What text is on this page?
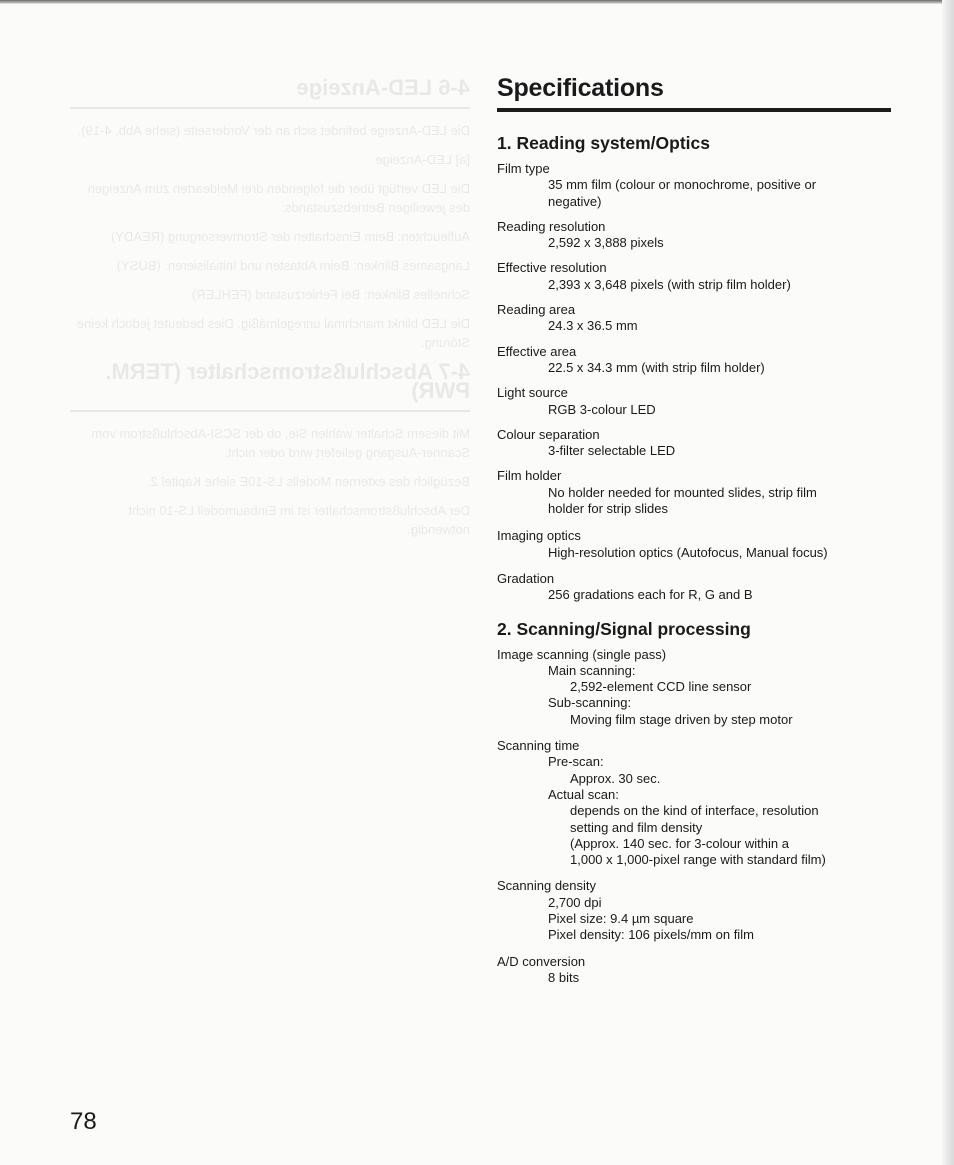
4-6 LED-Anzeige

Die LED-Anzeige befindet sich an der Vorderseite (siehe Abb. 4-19).

[a] LED-Anzeige

Die LED verfügt über die folgenden drei Meldearten zum Anzeigen des jeweiligen Betriebszustands:

Aufleuchten: Beim Einschalten der Stromversorgung (READY)

Langsames Blinken: Beim Abtasten und Initialisieren. (BUSY)

Schnelles Blinken: Bei Fehlerzustand (FEHLER)

Die LED blinkt manchmal unregelmäßig. Dies bedeutet jedoch keine Störung.

4-7 Abschlußstromschalter (TERM. PWR)

Mit diesem Schalter wählen Sie, ob der SCSI-Abschlußstrom vom Scanner-Ausgang geliefert wird oder nicht.

Bezüglich des externen Modells LS-10E siehe Kapitel 2.

Der Abschlußstromschalter ist im Einbaumodell LS-10 nicht notwendig.

Specifications
1. Reading system/Optics
Film type
35 mm film (colour or monochrome, positive or
negative)
Reading resolution
2,592 x 3,888 pixels
Effective resolution
2,393 x 3,648 pixels (with strip film holder)
Reading area
24.3 x 36.5 mm
Effective area
22.5 x 34.3 mm (with strip film holder)
Light source
RGB 3-colour LED
Colour separation
3-filter selectable LED
Film holder
No holder needed for mounted slides, strip film
holder for strip slides
Imaging optics
High-resolution optics (Autofocus, Manual focus)
Gradation
256 gradations each for R, G and B
2. Scanning/Signal processing
Image scanning (single pass)
Main scanning:
2,592-element CCD line sensor
Sub-scanning:
Moving film stage driven by step motor
Scanning time
Pre-scan:
Approx. 30 sec.
Actual scan:
depends on the kind of interface, resolution
setting and film density
(Approx. 140 sec. for 3-colour within a
1,000 x 1,000-pixel range with standard film)
Scanning density
2,700 dpi
Pixel size: 9.4 µm square
Pixel density: 106 pixels/mm on film
A/D conversion
8 bits
78
